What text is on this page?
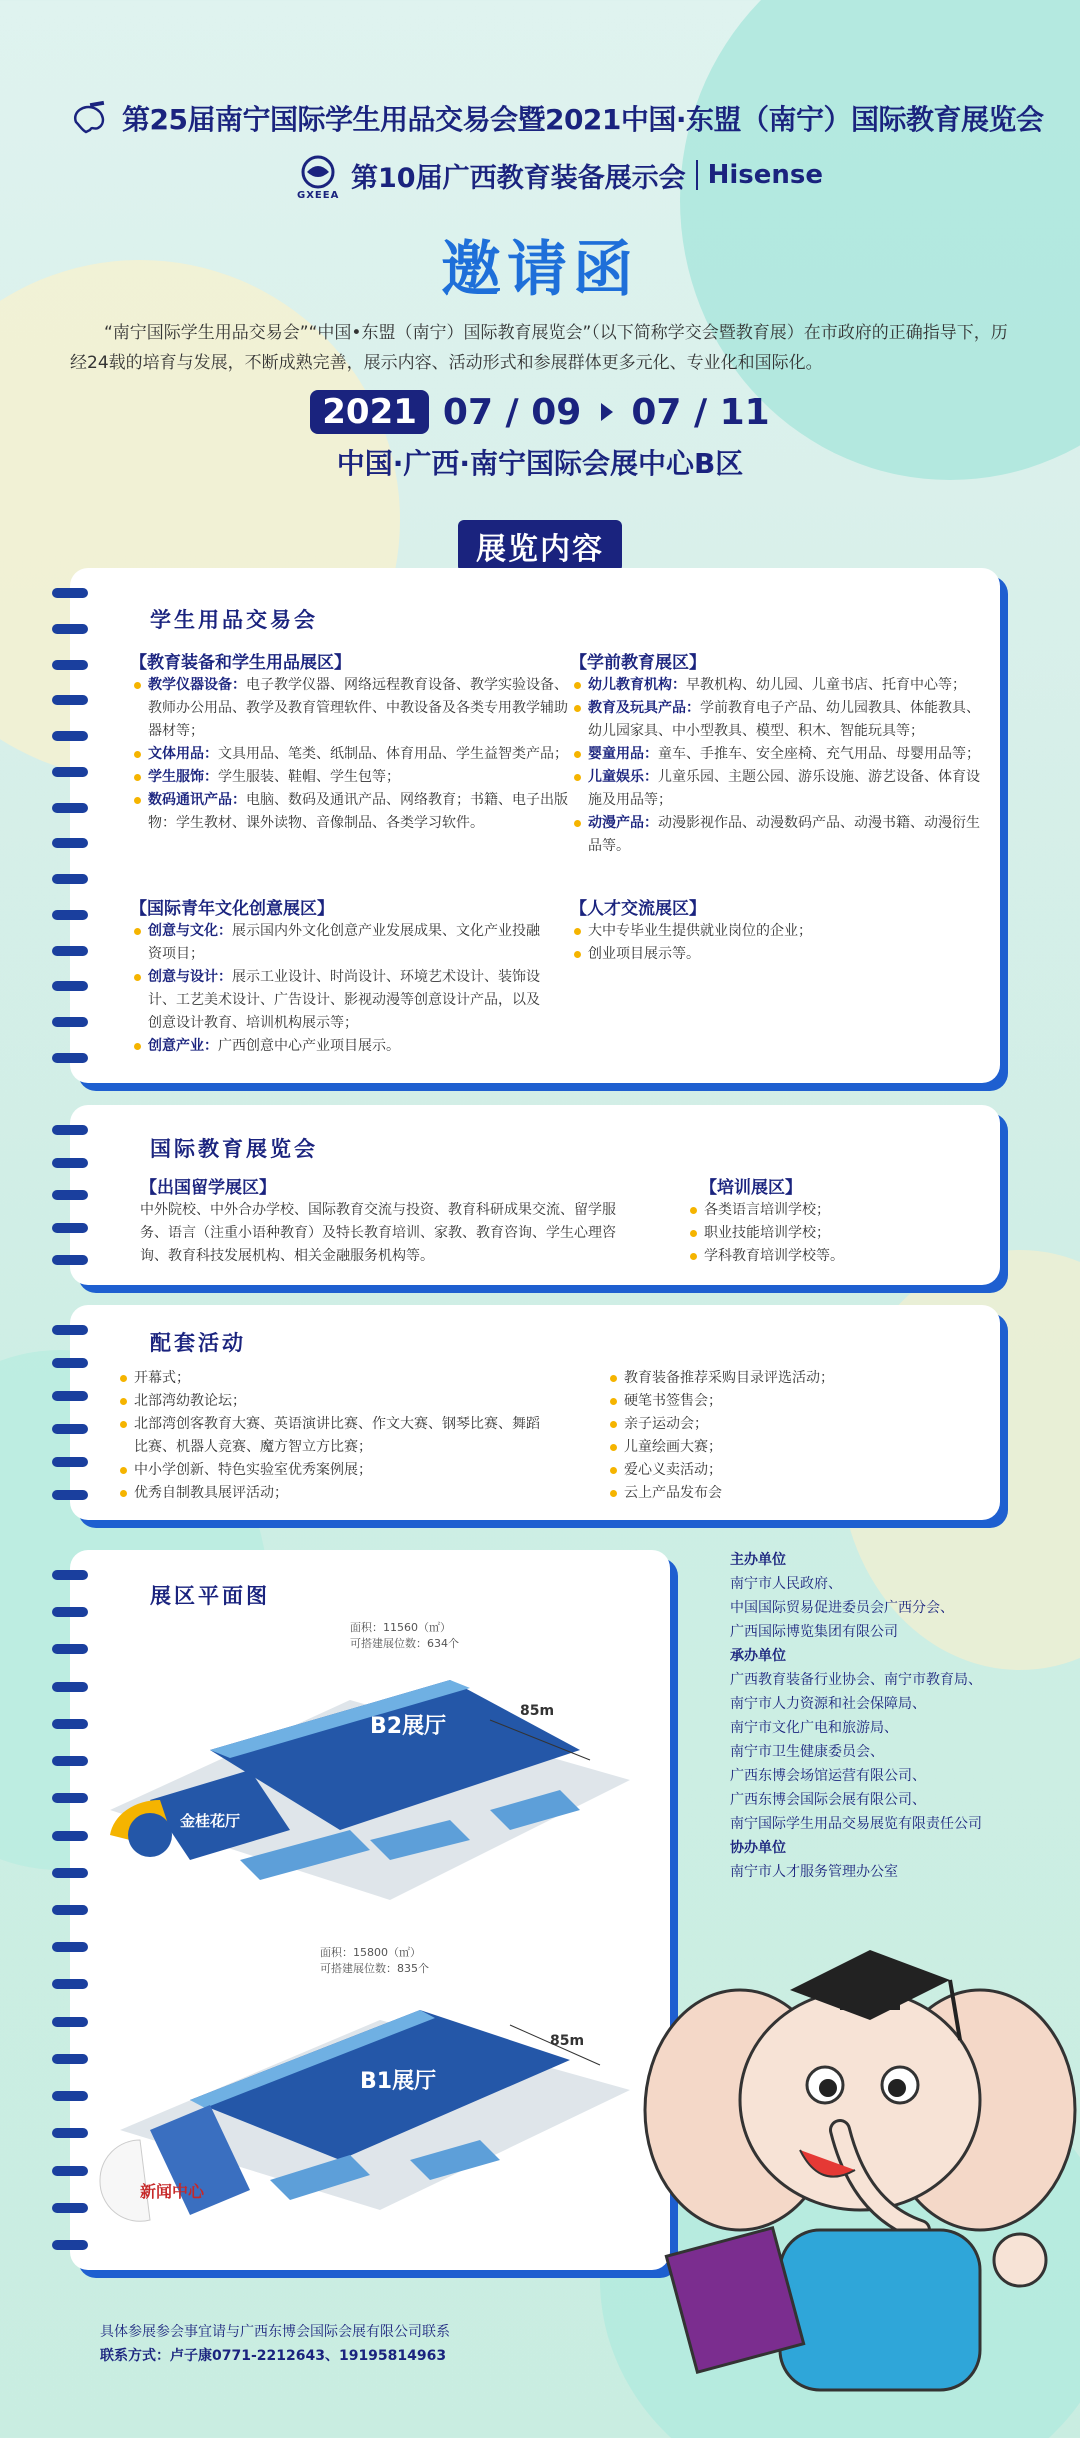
第25届南宁国际学生用品交易会暨2021中国·东盟（南宁）国际教育展览会
第10届广西教育装备展示会 Hisense
GXEEA
邀请函

“南宁国际学生用品交易会”“中国•东盟（南宁）国际教育展览会”（以下简称学交会暨教育展）在市政府的正确指导下，历经24载的培育与发展，不断成熟完善，展示内容、活动形式和参展群体更多元化、专业化和国际化。

2021 07 / 09 07 / 11
中国·广西·南宁国际会展中心B区
展览内容
学生用品交易会
【教育装备和学生用品展区】
教学仪器设备：电子教学仪器、网络远程教育设备、教学实验设备、教师办公用品、教学及教育管理软件、中教设备及各类专用教学辅助器材等；
文体用品：文具用品、笔类、纸制品、体育用品、学生益智类产品；
学生服饰：学生服装、鞋帽、学生包等；
数码通讯产品：电脑、数码及通讯产品、网络教育；书籍、电子出版物：学生教材、课外读物、音像制品、各类学习软件。
【学前教育展区】
幼儿教育机构：早教机构、幼儿园、儿童书店、托育中心等；
教育及玩具产品：学前教育电子产品、幼儿园教具、体能教具、幼儿园家具、中小型教具、模型、积木、智能玩具等；
婴童用品：童车、手推车、安全座椅、充气用品、母婴用品等；
儿童娱乐：儿童乐园、主题公园、游乐设施、游艺设备、体育设施及用品等；
动漫产品：动漫影视作品、动漫数码产品、动漫书籍、动漫衍生品等。
【国际青年文化创意展区】
创意与文化：展示国内外文化创意产业发展成果、文化产业投融资项目；
创意与设计：展示工业设计、时尚设计、环境艺术设计、装饰设计、工艺美术设计、广告设计、影视动漫等创意设计产品，以及创意设计教育、培训机构展示等；
创意产业：广西创意中心产业项目展示。
【人才交流展区】
大中专毕业生提供就业岗位的企业；
创业项目展示等。
国际教育展览会
【出国留学展区】

中外院校、中外合办学校、国际教育交流与投资、教育科研成果交流、留学服务、语言（注重小语种教育）及特长教育培训、家教、教育咨询、学生心理咨询、教育科技发展机构、相关金融服务机构等。

【培训展区】
各类语言培训学校；
职业技能培训学校；
学科教育培训学校等。
配套活动
开幕式；
北部湾幼教论坛；
北部湾创客教育大赛、英语演讲比赛、作文大赛、钢琴比赛、舞蹈比赛、机器人竞赛、魔方智立方比赛；
中小学创新、特色实验室优秀案例展；
优秀自制教具展评活动；
教育装备推荐采购目录评选活动；
硬笔书签售会；
亲子运动会；
儿童绘画大赛；
爱心义卖活动；
云上产品发布会
展区平面图
面积：11560（㎡）
可搭建展位数：634个
B2展厅
金桂花厅
85m
面积：15800（㎡）
可搭建展位数：835个
B1展厅
新闻中心
85m
主办单位
南宁市人民政府、
中国国际贸易促进委员会广西分会、
广西国际博览集团有限公司
承办单位
广西教育装备行业协会、南宁市教育局、
南宁市人力资源和社会保障局、
南宁市文化广电和旅游局、
南宁市卫生健康委员会、
广西东博会场馆运营有限公司、
广西东博会国际会展有限公司、
南宁国际学生用品交易展览有限责任公司
协办单位
南宁市人才服务管理办公室
具体参展参会事宜请与广西东博会国际会展有限公司联系
联系方式：卢子康0771-2212643、19195814963
